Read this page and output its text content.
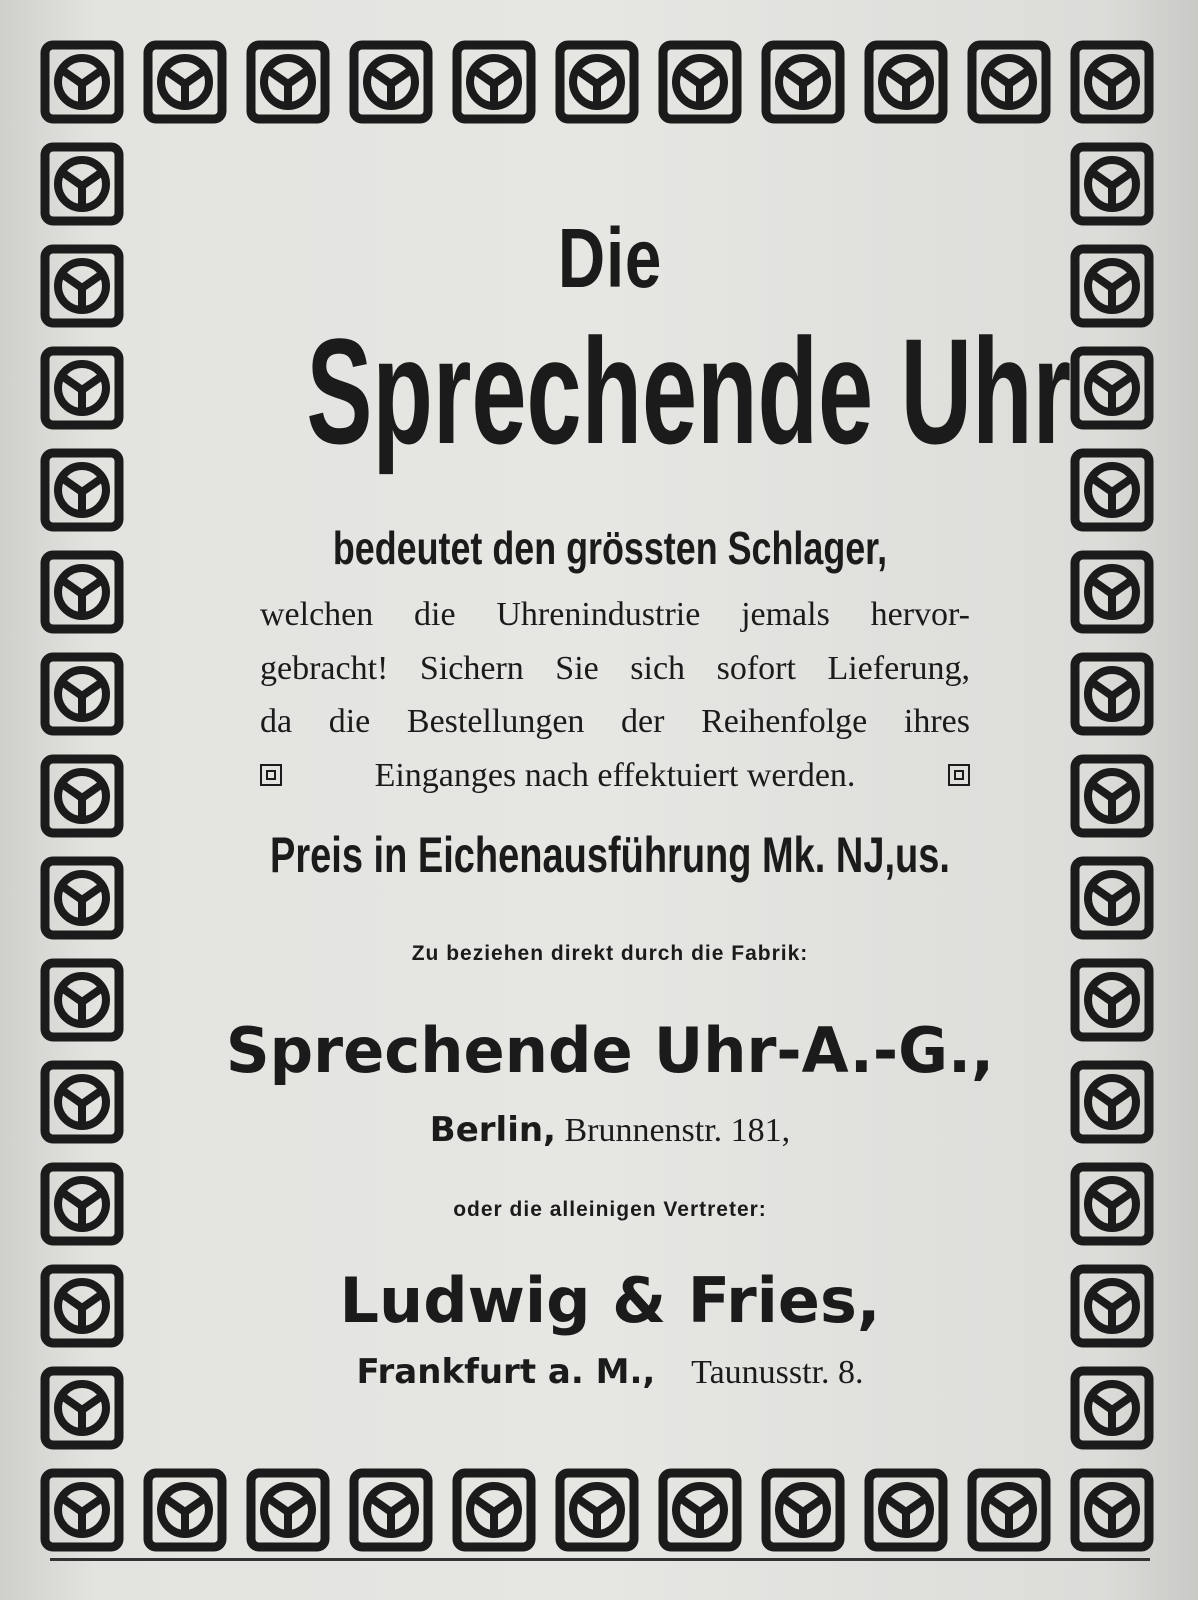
Die
Sprechende Uhr
bedeutet den grössten Schlager,
welchen die Uhrenindustrie jemals hervor-
gebracht! Sichern Sie sich sofort Lieferung,
da die Bestellungen der Reihenfolge ihres
Einganges nach effektuiert werden.
Preis in Eichenausführung Mk. NJ,us.
Zu beziehen direkt durch die Fabrik:
Sprechende Uhr-A.-G.,
Berlin, Brunnenstr. 181,
oder die alleinigen Vertreter:
Ludwig & Fries,
Frankfurt a. M., Taunusstr. 8.
